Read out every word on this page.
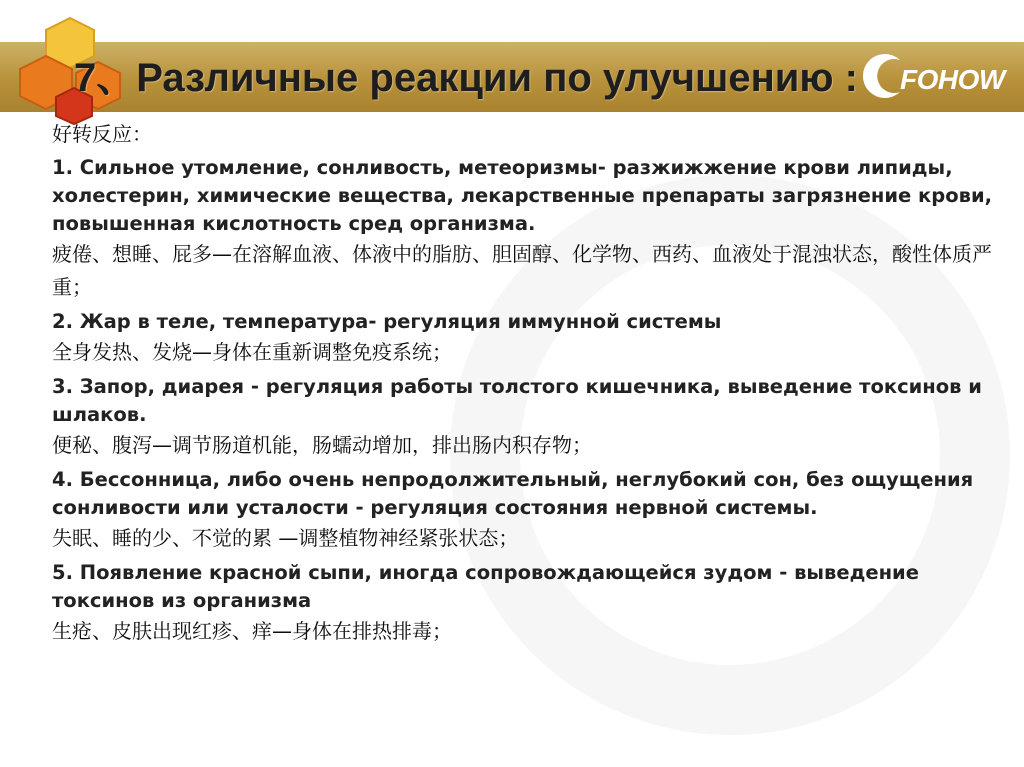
7、Различные реакции по улучшению : FOHOW
好转反应：
1. Сильное утомление, сонливость, метеоризмы- разжижжение крови липиды, холестерин, химические вещества, лекарственные препараты загрязнение крови, повышенная кислотность сред организма.
疲倦、想睡、屁多—在溶解血液、体液中的脂肪、胆固醇、化学物、西药、血液处于混浊状态，酸性体质严重；
2. Жар в теле, температура- регуляция иммунной системы
全身发热、发烧—身体在重新调整免疫系统；
3. Запор, диарея - регуляция работы толстого кишечника, выведение токсинов и шлаков.
便秘、腹泻—调节肠道机能，肠蠕动增加，排出肠内积存物；
4. Бессонница, либо очень непродолжительный, неглубокий сон, без ощущения сонливости или усталости - регуляция состояния нервной системы.
失眠、睡的少、不觉的累 —调整植物神经紧张状态；
5. Появление красной сыпи, иногда сопровождающейся зудом - выведение токсинов из организма
生疮、皮肤出现红疹、痒—身体在排热排毒；
